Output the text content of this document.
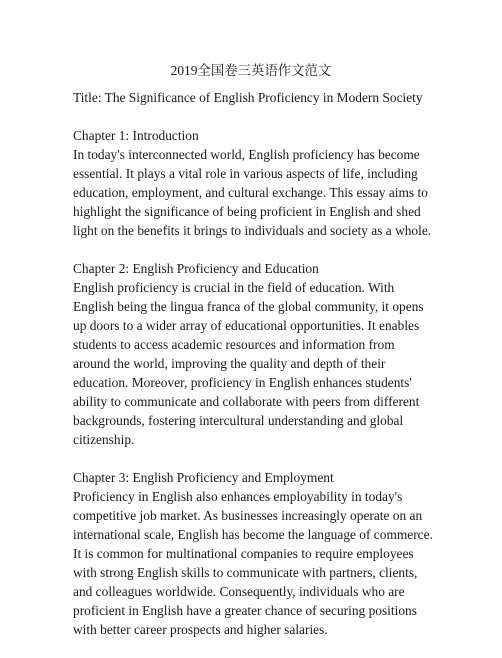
2019全国卷三英语作文范文

Title: The Significance of English Proficiency in Modern Society

Chapter 1: Introduction

In today's interconnected world, English proficiency has become essential. It plays a vital role in various aspects of life, including education, employment, and cultural exchange. This essay aims to highlight the significance of being proficient in English and shed light on the benefits it brings to individuals and society as a whole.

Chapter 2: English Proficiency and Education

English proficiency is crucial in the field of education. With English being the lingua franca of the global community, it opens up doors to a wider array of educational opportunities. It enables students to access academic resources and information from around the world, improving the quality and depth of their education. Moreover, proficiency in English enhances students' ability to communicate and collaborate with peers from different backgrounds, fostering intercultural understanding and global citizenship.

Chapter 3: English Proficiency and Employment

Proficiency in English also enhances employability in today's competitive job market. As businesses increasingly operate on an international scale, English has become the language of commerce. It is common for multinational companies to require employees with strong English skills to communicate with partners, clients, and colleagues worldwide. Consequently, individuals who are proficient in English have a greater chance of securing positions with better career prospects and higher salaries.
